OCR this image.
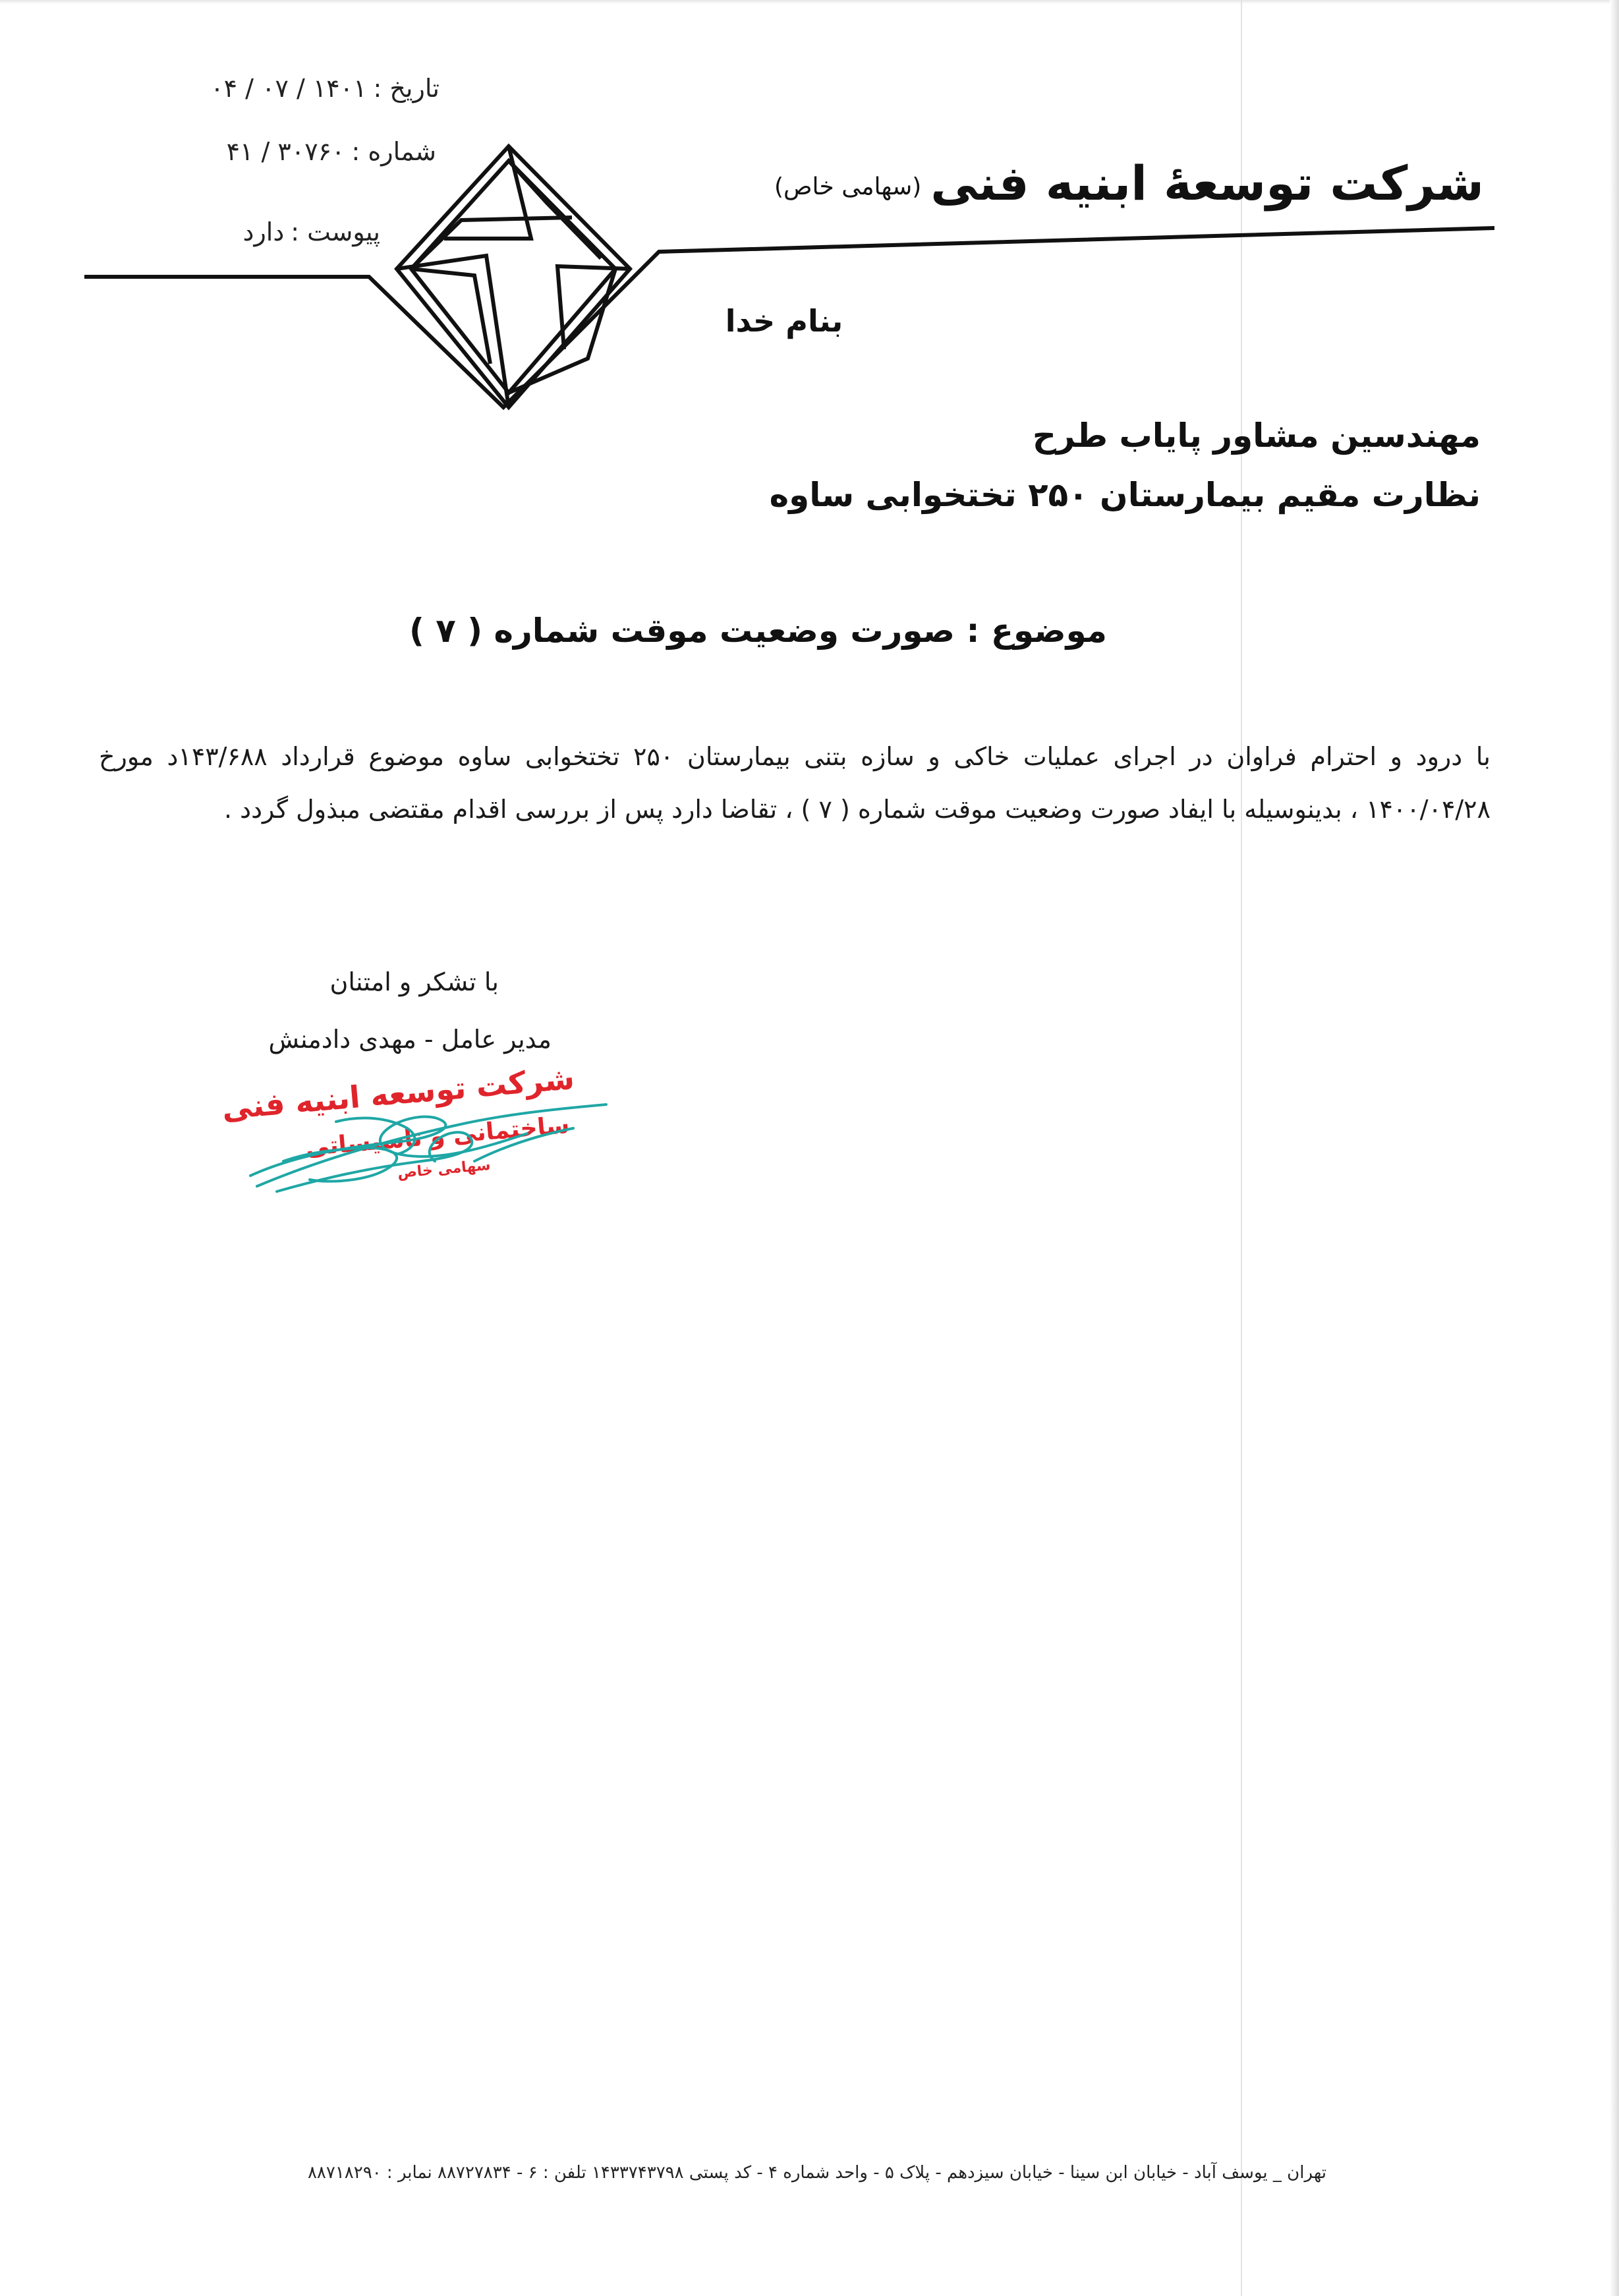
تاریخ :۱۴۰۱ / ۰۷ / ۰۴
شماره :۳۰۷۶۰ / ۴۱
پیوست :دارد
شرکت توسعهٔ ابنیه فنی(سهامی خاص)
بنام خدا
مهندسین مشاور پایاب طرح
نظارت مقیم بیمارستان ۲۵۰ تختخوابی ساوه
موضوع : صورت وضعیت موقت شماره ( ۷ )
با درود و احترام فراوان در اجرای عملیات خاکی و سازه بتنی بیمارستان ۲۵۰ تختخوابی ساوه موضوع قرارداد ۱۴۳/۶۸۸د مورخ ۱۴۰۰/۰۴/۲۸ ، بدینوسیله با ایفاد صورت وضعیت موقت شماره ( ۷ ) ، تقاضا دارد پس از بررسی اقدام مقتضی مبذول گردد .
با تشکر و امتنان
مدیر عامل - مهدی دادمنش
شرکت توسعه ابنیه فنی
ساختمانی و تاسیساتی
سهامی خاص
تهران _ یوسف آباد - خیابان ابن سینا - خیابان سیزدهم - پلاک ۵ - واحد شماره ۴ - کد پستی ۱۴۳۳۷۴۳۷۹۸ تلفن : ۶ - ۸۸۷۲۷۸۳۴ نمابر : ۸۸۷۱۸۲۹۰
